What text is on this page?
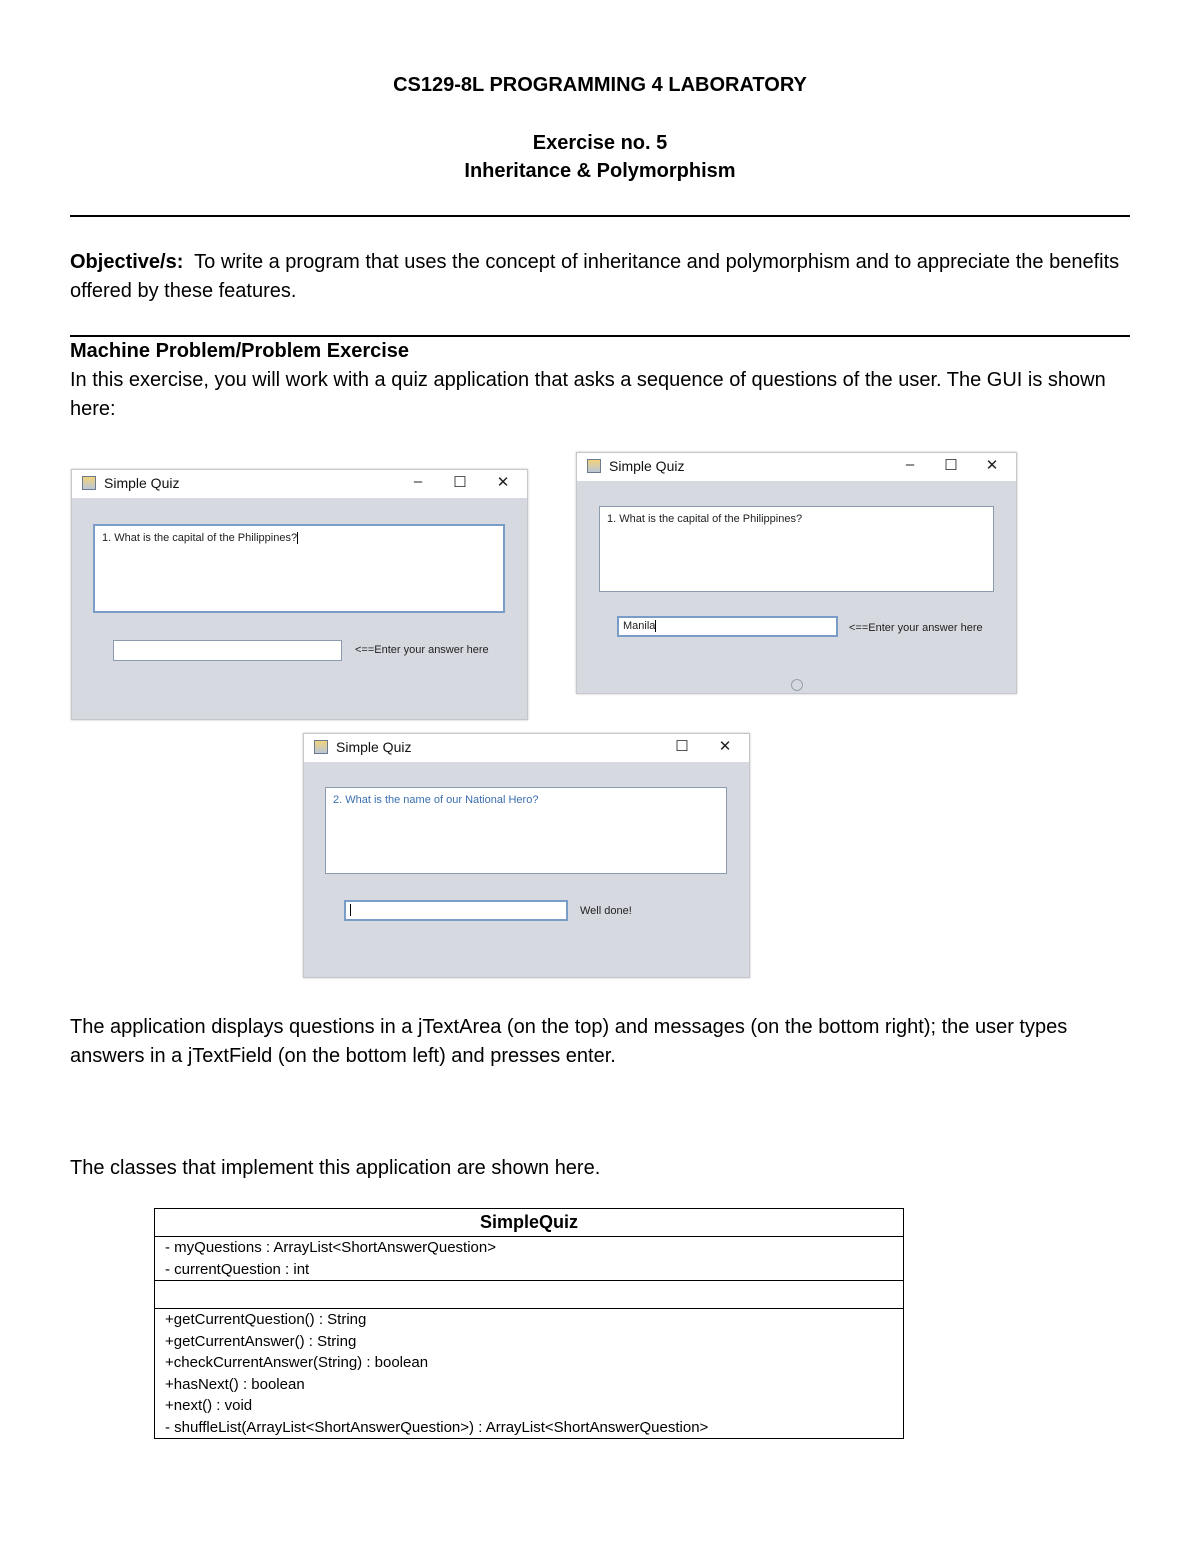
CS129-8L PROGRAMMING 4 LABORATORY
Exercise no. 5
Inheritance & Polymorphism
Objective/s: To write a program that uses the concept of inheritance and polymorphism and to appreciate the benefits offered by these features.
Machine Problem/Problem Exercise
In this exercise, you will work with a quiz application that asks a sequence of questions of the user. The GUI is shown here:
Simple Quiz	–	☐ ✕
1. What is the capital of the Philippines?
<==Enter your answer here
Simple Quiz	–	☐ ✕
1. What is the capital of the Philippines?
Manila	<==Enter your answer here
Simple Quiz	☐ ✕
2. What is the name of our National Hero?
Well done!
The application displays questions in a jTextArea (on the top) and messages (on the bottom right); the user types answers in a jTextField (on the bottom left) and presses enter.
The classes that implement this application are shown here.
SimpleQuiz

- myQuestions : ArrayList<ShortAnswerQuestion>
- currentQuestion : int

+getCurrentQuestion() : String
+getCurrentAnswer() : String
+checkCurrentAnswer(String) : boolean
+hasNext() : boolean
+next() : void
- shuffleList(ArrayList<ShortAnswerQuestion>) : ArrayList<ShortAnswerQuestion>
